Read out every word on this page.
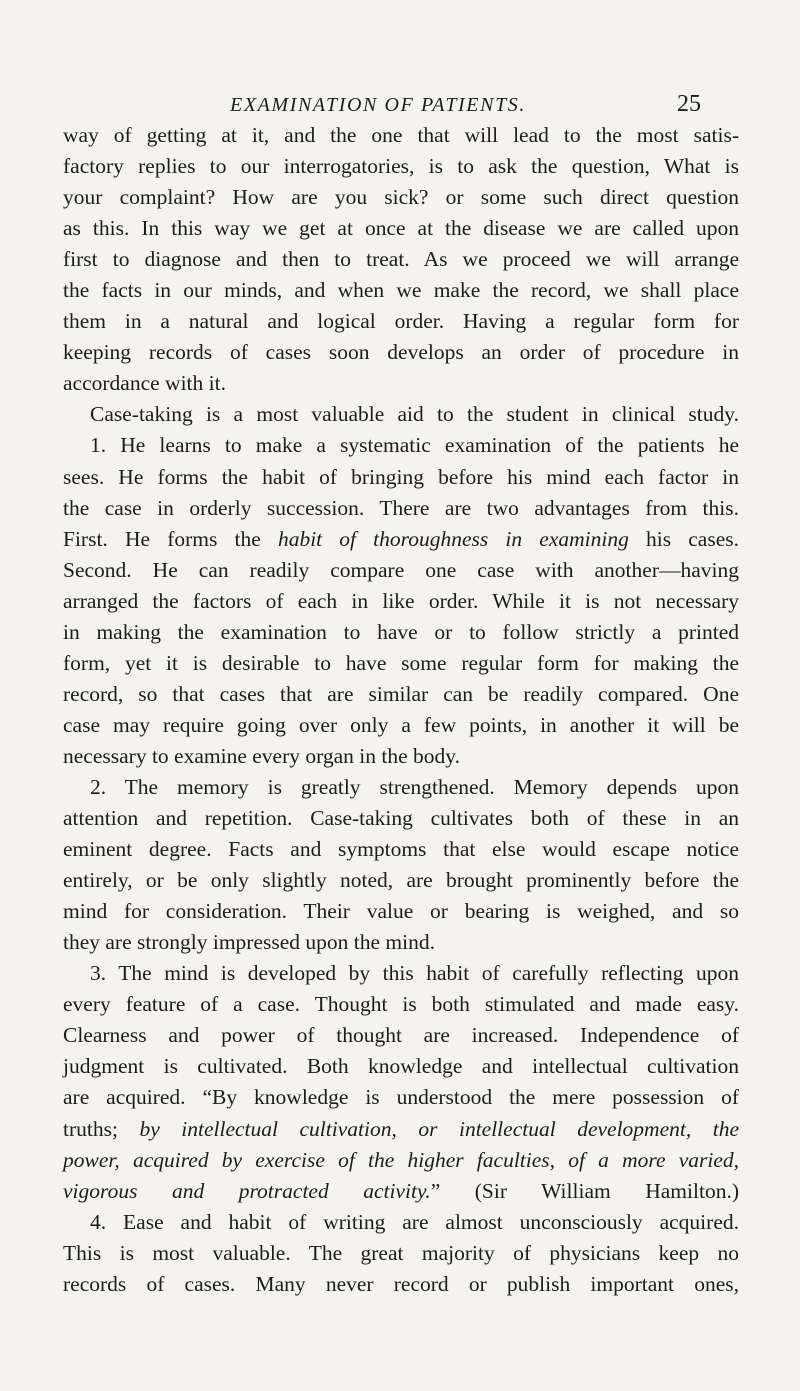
EXAMINATION OF PATIENTS.	25
way of getting at it, and the one that will lead to the most satis-
factory replies to our interrogatories, is to ask the question, What is
your complaint? How are you sick? or some such direct question
as this. In this way we get at once at the disease we are called upon
first to diagnose and then to treat. As we proceed we will arrange
the facts in our minds, and when we make the record, we shall place
them in a natural and logical order. Having a regular form for
keeping records of cases soon develops an order of procedure in
accordance with it.
Case-taking is a most valuable aid to the student in clinical study.
1. He learns to make a systematic examination of the patients he
sees. He forms the habit of bringing before his mind each factor in
the case in orderly succession. There are two advantages from this.
First. He forms the habit of thoroughness in examining his cases.
Second. He can readily compare one case with another—having
arranged the factors of each in like order. While it is not necessary
in making the examination to have or to follow strictly a printed
form, yet it is desirable to have some regular form for making the
record, so that cases that are similar can be readily compared. One
case may require going over only a few points, in another it will be
necessary to examine every organ in the body.
2. The memory is greatly strengthened. Memory depends upon
attention and repetition. Case-taking cultivates both of these in an
eminent degree. Facts and symptoms that else would escape notice
entirely, or be only slightly noted, are brought prominently before the
mind for consideration. Their value or bearing is weighed, and so
they are strongly impressed upon the mind.
3. The mind is developed by this habit of carefully reflecting upon
every feature of a case. Thought is both stimulated and made easy.
Clearness and power of thought are increased. Independence of
judgment is cultivated. Both knowledge and intellectual cultivation
are acquired. “By knowledge is understood the mere possession of
truths; by intellectual cultivation, or intellectual development, the
power, acquired by exercise of the higher faculties, of a more varied,
vigorous and protracted activity.” (Sir William Hamilton.)
4. Ease and habit of writing are almost unconsciously acquired.
This is most valuable. The great majority of physicians keep no
records of cases. Many never record or publish important ones,
